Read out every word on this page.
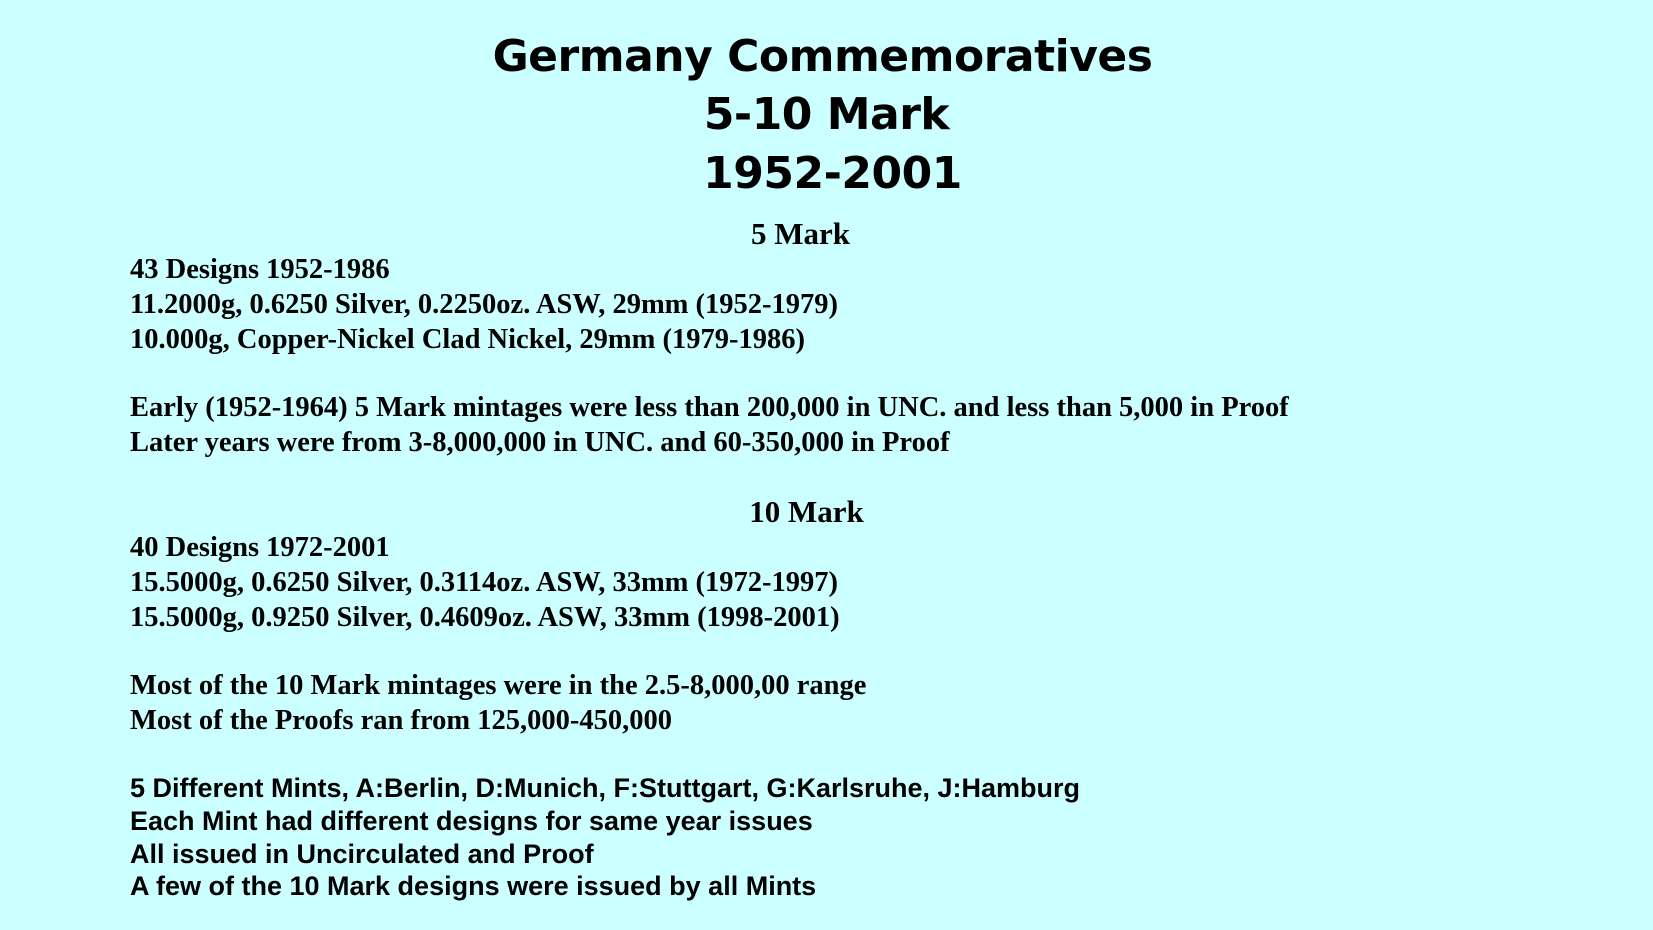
Germany Commemoratives
5-10 Mark
1952-2001
5 Mark
43 Designs 1952-1986
11.2000g, 0.6250 Silver, 0.2250oz. ASW, 29mm (1952-1979)
10.000g, Copper-Nickel Clad Nickel, 29mm (1979-1986)
Early (1952-1964) 5 Mark mintages were less than 200,000 in UNC. and less than 5,000 in Proof
Later years were from 3-8,000,000 in UNC. and 60-350,000 in Proof
10 Mark
40 Designs 1972-2001
15.5000g, 0.6250 Silver, 0.3114oz. ASW, 33mm (1972-1997)
15.5000g, 0.9250 Silver, 0.4609oz. ASW, 33mm (1998-2001)
Most of the 10 Mark mintages were in the 2.5-8,000,00 range
Most of the Proofs ran from 125,000-450,000
5 Different Mints, A:Berlin, D:Munich, F:Stuttgart, G:Karlsruhe, J:Hamburg
Each Mint had different designs for same year issues
All issued in Uncirculated and Proof
A few of the 10 Mark designs were issued by all Mints
